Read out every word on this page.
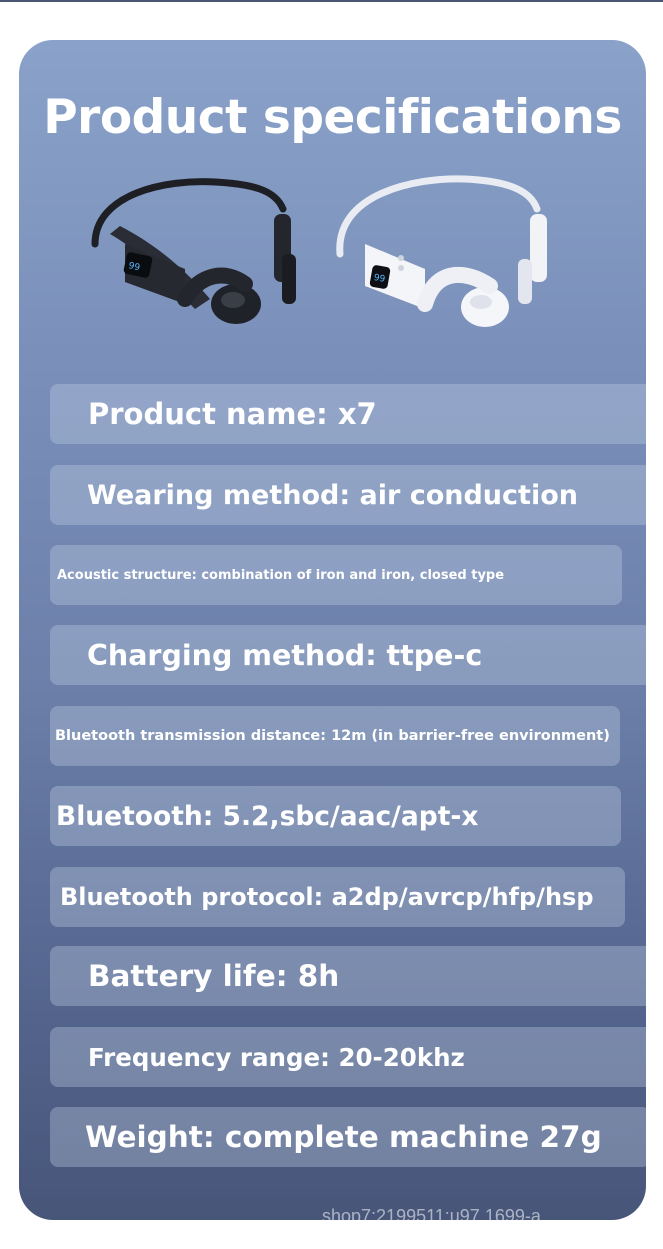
Product specifications
99
99
Product name: x7
Wearing method: air conduction
Acoustic structure: combination of iron and iron, closed type
Charging method: ttpe-c
Bluetooth transmission distance: 12m (in barrier-free environment)
Bluetooth: 5.2,sbc/aac/apt-x
Bluetooth protocol: a2dp/avrcp/hfp/hsp
Battery life: 8h
Frequency range: 20-20khz
Weight: complete machine 27g
shop7:2199511:u97 1699-a
